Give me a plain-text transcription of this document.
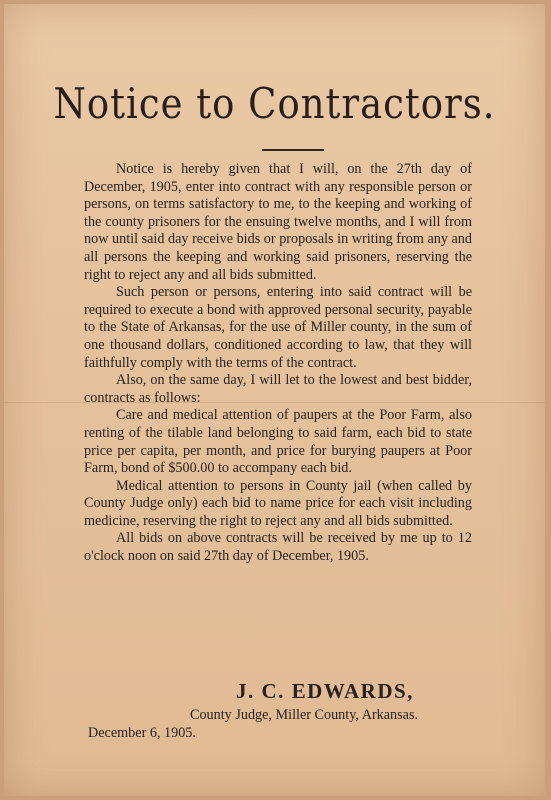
Notice to Contractors.

Notice is hereby given that I will, on the 27th day of December, 1905, enter into contract with any responsible person or persons, on terms satisfactory to me, to the keeping and working of the county prisoners for the ensuing twelve months, and I will from now until said day receive bids or proposals in writing from any and all persons the keeping and working said prisoners, reserving the right to reject any and all bids submitted.

Such person or persons, entering into said contract will be required to execute a bond with approved personal security, payable to the State of Arkansas, for the use of Miller county, in the sum of one thousand dollars, conditioned according to law, that they will faithfully comply with the terms of the contract.

Also, on the same day, I will let to the lowest and best bidder, contracts as follows:

Care and medical attention of paupers at the Poor Farm, also renting of the tilable land belonging to said farm, each bid to state price per capita, per month, and price for burying paupers at Poor Farm, bond of $500.00 to accompany each bid.

Medical attention to persons in County jail (when called by County Judge only) each bid to name price for each visit including medicine, reserving the right to reject any and all bids submitted.

All bids on above contracts will be received by me up to 12 o'clock noon on said 27th day of December, 1905.

J. C. EDWARDS,
County Judge, Miller County, Arkansas.
December 6, 1905.
